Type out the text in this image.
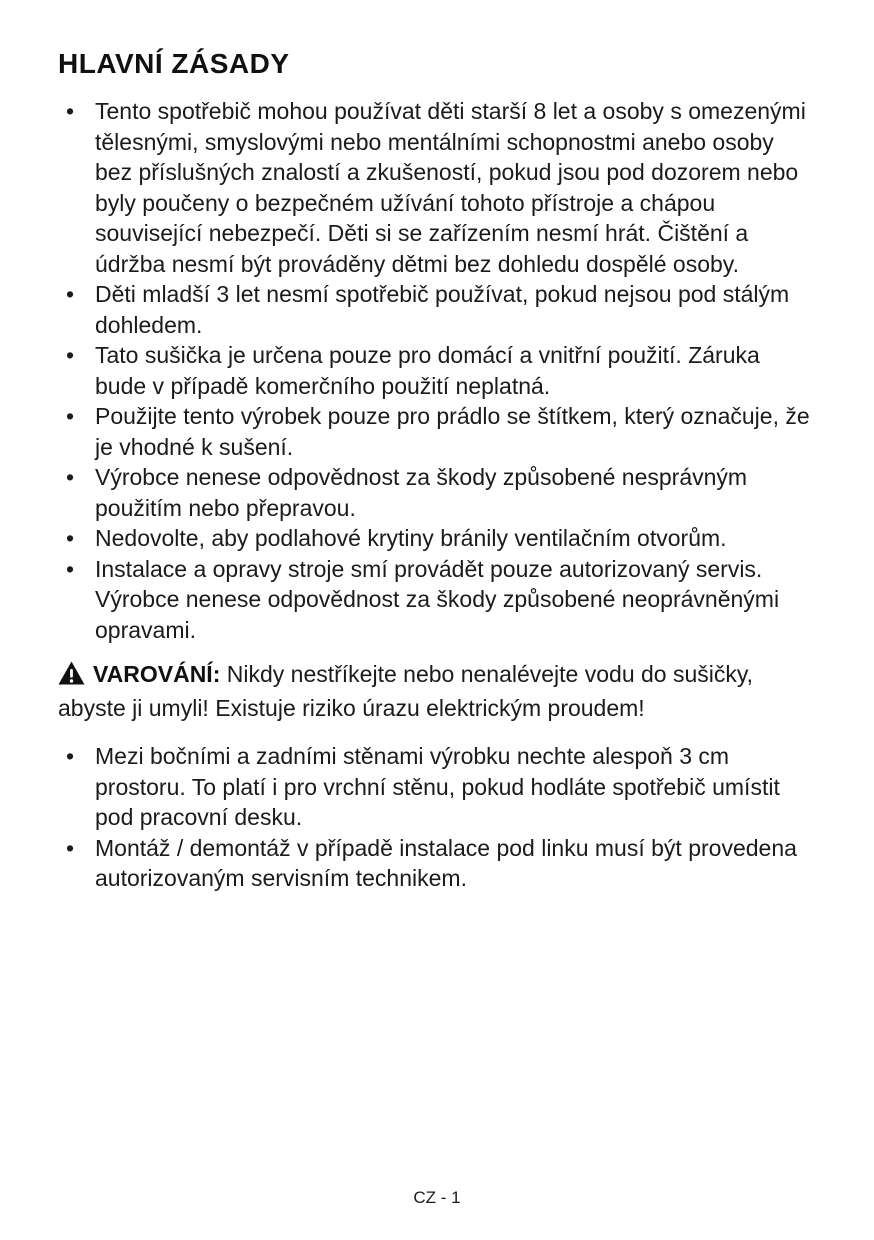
HLAVNÍ ZÁSADY
•
Tento spotřebič mohou používat děti starší 8 let a osoby s omezenými tělesnými, smyslovými nebo mentálními schopnostmi anebo osoby bez příslušných znalostí a zkušeností, pokud jsou pod dozorem nebo byly poučeny o bezpečném užívání tohoto přístroje a chápou související nebezpečí. Děti si se zařízením nesmí hrát. Čištění a údržba nesmí být prováděny dětmi bez dohledu dospělé osoby.
•
Děti mladší 3 let nesmí spotřebič používat, pokud nejsou pod stálým dohledem.
•
Tato sušička je určena pouze pro domácí a vnitřní použití. Záruka bude v případě komerčního použití neplatná.
•
Použijte tento výrobek pouze pro prádlo se štítkem, který označuje, že je vhodné k sušení.
•
Výrobce nenese odpovědnost za škody způsobené nesprávným použitím nebo přepravou.
•
Nedovolte, aby podlahové krytiny bránily ventilačním otvorům.
•
Instalace a opravy stroje smí provádět pouze autorizovaný servis. Výrobce nenese odpovědnost za škody způsobené neoprávněnými opravami.

VAROVÁNÍ: Nikdy nestříkejte nebo nenalévejte vodu do sušičky, abyste ji umyli! Existuje riziko úrazu elektrickým proudem!

•
Mezi bočními a zadními stěnami výrobku nechte alespoň 3 cm prostoru. To platí i pro vrchní stěnu, pokud hodláte spotřebič umístit pod pracovní desku.
•
Montáž / demontáž v případě instalace pod linku musí být provedena autorizovaným servisním technikem.
CZ - 1
